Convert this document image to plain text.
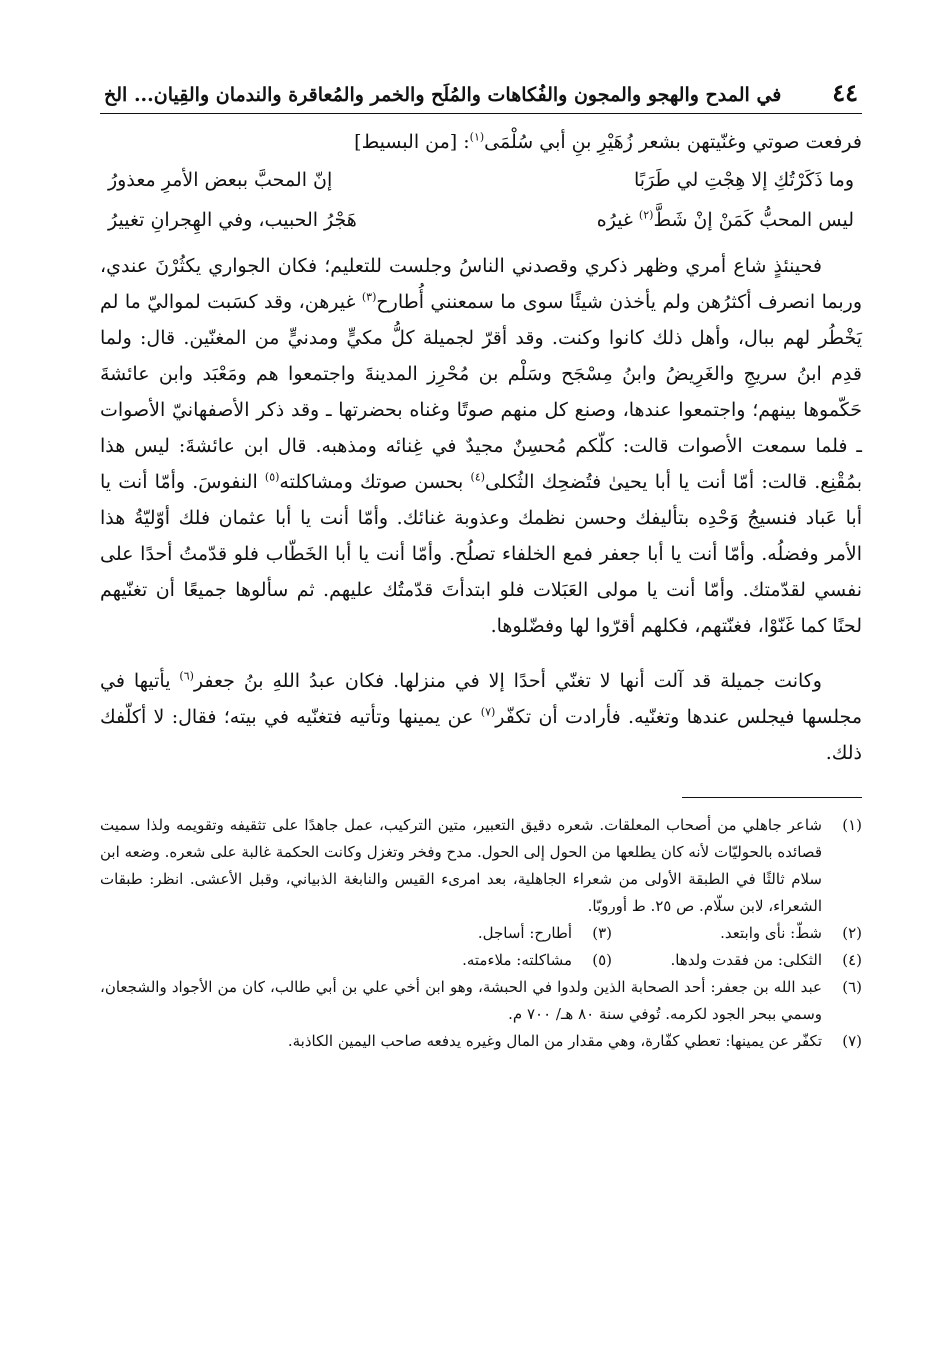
٤٤
في المدح والهجو والمجون والفُكاهات والمُلَح والخمر والمُعاقرة والندمان والقِيان... الخ
فرفعت صوتي وغنّيتهن بشعر زُهَيْرِ بنِ أبي سُلْمَى$^{(١)}$: [من البسيط]
وما ذَكَرْتُكِ إلا هِجْتِ لي طَرَبًا
إنّ المحبَّ ببعض الأمرِ معذورُ
ليس المحبُّ كَمَنْ إنْ شَطَّ$^{(٢)}$ غيرُه
هَجْرُ الحبيب، وفي الهِجرانِ تغييرُ

فحينئذٍ شاع أمري وظهر ذكري وقصدني الناسُ وجلست للتعليم؛ فكان الجواري يكثُرْنَ عندي، وربما انصرف أكثرُهن ولم يأخذن شيئًا سوى ما سمعنني أُطارح$^{(٣)}$ غيرهن، وقد كسَبت لمواليّ ما لم يَخْطُر لهم ببال، وأهل ذلك كانوا وكنت. وقد أقرّ لجميلة كلُّ مكيٍّ ومدنيٍّ من المغنّين. قال: ولما قدِم ابنُ سريجِ والغَرِيضُ وابنُ مِسْجَح وسَلْم بن مُحْرِز المدينةَ واجتمعوا هم ومَعْبَد وابن عائشةَ حَكّموها بينهم؛ واجتمعوا عندها، وصنع كل منهم صوتًا وغناه بحضرتها ـ وقد ذكر الأصفهانيّ الأصوات ـ فلما سمعت الأصوات قالت: كلّكم مُحسِنٌ مجيدٌ في غِنائه ومذهبه. قال ابن عائشةَ: ليس هذا بمُقْنِع. قالت: أمّا أنت يا أبا يحيىٰ فتُضحِك الثُكلى$^{(٤)}$ بحسن صوتك ومشاكلته$^{(٥)}$ النفوسَ. وأمّا أنت يا أبا عَباد فنسيجُ وَحْدِه بتأليفك وحسن نظمك وعذوبة غنائك. وأمّا أنت يا أبا عثمان فلك أوّليّةُ هذا الأمر وفضلُه. وأمّا أنت يا أبا جعفر فمع الخلفاء تصلُح. وأمّا أنت يا أبا الخَطّاب فلو قدّمتُ أحدًا على نفسي لقدّمتك. وأمّا أنت يا مولى العَبَلات فلو ابتدأتَ قدّمتُك عليهم. ثم سألوها جميعًا أن تغنّيهم لحنًا كما غَنّوْا، فغنّتهم، فكلهم أقرّوا لها وفضّلوها.

وكانت جميلة قد آلت أنها لا تغنّي أحدًا إلا في منزلها. فكان عبدُ اللهِ بنُ جعفر$^{(٦)}$ يأتيها في مجلسها فيجلس عندها وتغنّيه. فأرادت أن تكفّر$^{(٧)}$ عن يمينها وتأتيه فتغنّيه في بيته؛ فقال: لا أكلّفك ذلك.

(١)
شاعر جاهلي من أصحاب المعلقات. شعره دقيق التعبير، متين التركيب، عمل جاهدًا على تثقيفه وتقويمه ولذا سميت قصائده بالحوليّات لأنه كان يطلعها من الحول إلى الحول. مدح وفخر وتغزل وكانت الحكمة غالبة على شعره. وضعه ابن سلام ثالثًا في الطبقة الأولى من شعراء الجاهلية، بعد امرىء القيس والنابغة الذبياني، وقبل الأعشى. انظر: طبقات الشعراء، لابن سلّام. ص ٢٥. ط أوروبّا.
(٢)
شطّ: نأى وابتعد.
(٣)
أطارح: أساجل.
(٤)
الثكلى: من فقدت ولدها.
(٥)
مشاكلته: ملاءمته.
(٦)
عبد الله بن جعفر: أحد الصحابة الذين ولدوا في الحبشة، وهو ابن أخي علي بن أبي طالب، كان من الأجواد والشجعان، وسمي ببحر الجود لكرمه. تُوفي سنة ٨٠ هـ/ ٧٠٠ م.
(٧)
تكفّر عن يمينها: تعطي كفّارة، وهي مقدار من المال وغيره يدفعه صاحب اليمين الكاذبة.
